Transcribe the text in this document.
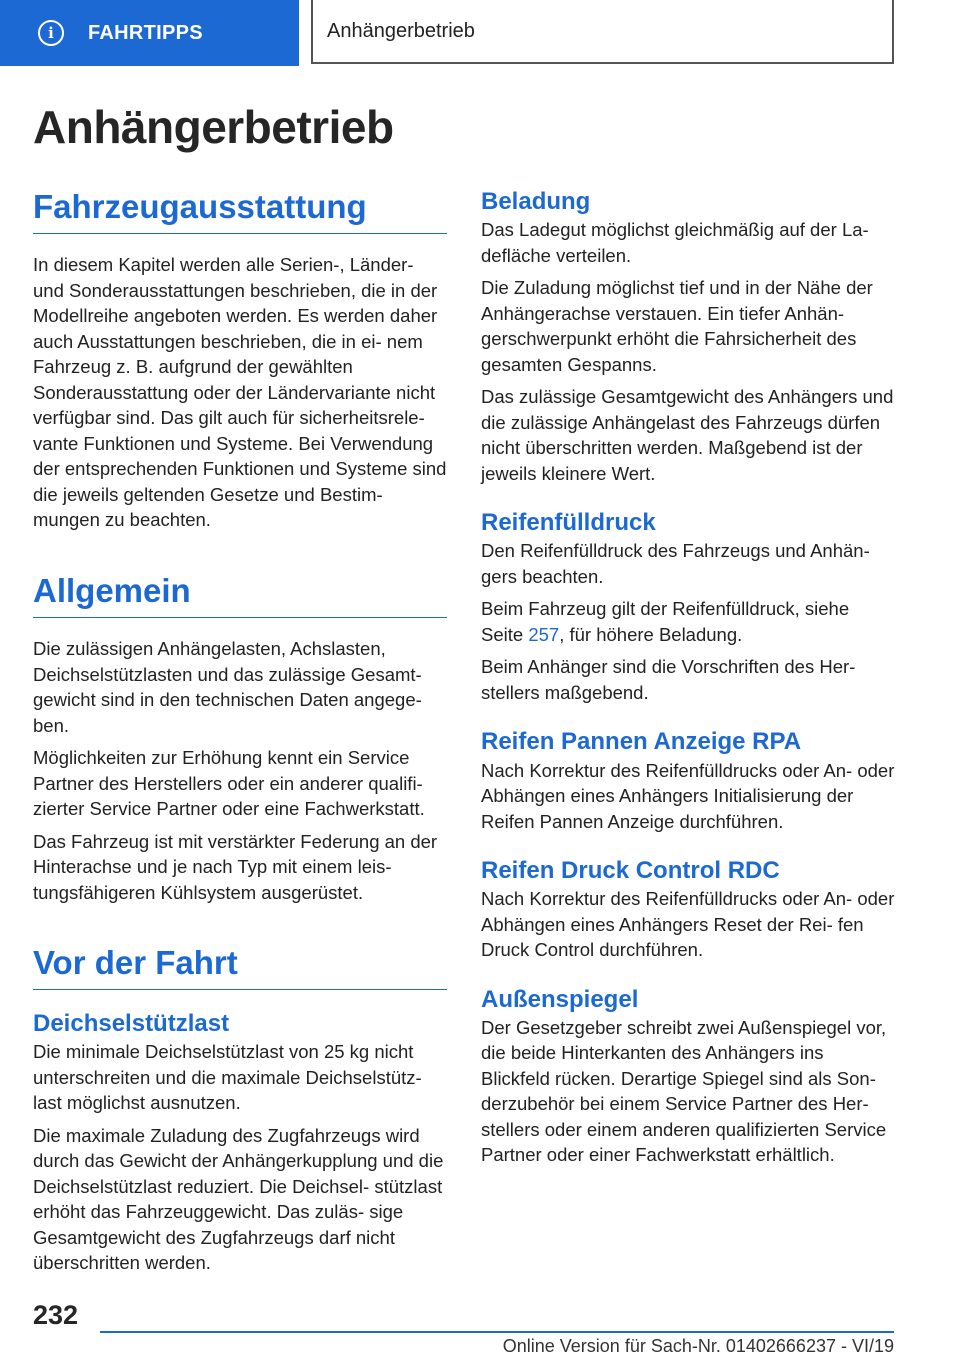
i	FAHRTIPPS	Anhängerbetrieb
Anhängerbetrieb
Fahrzeugausstattung

In diesem Kapitel werden alle Serien-, Länder- und Sonderausstattungen beschrieben, die in der Modellreihe angeboten werden. Es werden daher auch Ausstattungen beschrieben, die in ei- nem Fahrzeug z. B. aufgrund der gewählten Sonderausstattung oder der Ländervariante nicht verfügbar sind. Das gilt auch für sicherheitsrele- vante Funktionen und Systeme. Bei Verwendung der entsprechenden Funktionen und Systeme sind die jeweils geltenden Gesetze und Bestim- mungen zu beachten.

Allgemein

Die zulässigen Anhängelasten, Achslasten, Deichselstützlasten und das zulässige Gesamt- gewicht sind in den technischen Daten angege- ben.

Möglichkeiten zur Erhöhung kennt ein Service Partner des Herstellers oder ein anderer qualifi- zierter Service Partner oder eine Fachwerkstatt.

Das Fahrzeug ist mit verstärkter Federung an der Hinterachse und je nach Typ mit einem leis- tungsfähigeren Kühlsystem ausgerüstet.

Vor der Fahrt
Deichselstützlast

Die minimale Deichselstützlast von 25 kg nicht unterschreiten und die maximale Deichselstütz- last möglichst ausnutzen.

Die maximale Zuladung des Zugfahrzeugs wird durch das Gewicht der Anhängerkupplung und die Deichselstützlast reduziert. Die Deichsel- stützlast erhöht das Fahrzeuggewicht. Das zuläs- sige Gesamtgewicht des Zugfahrzeugs darf nicht überschritten werden.

Beladung

Das Ladegut möglichst gleichmäßig auf der La- defläche verteilen.

Die Zuladung möglichst tief und in der Nähe der Anhängerachse verstauen. Ein tiefer Anhän- gerschwerpunkt erhöht die Fahrsicherheit des gesamten Gespanns.

Das zulässige Gesamtgewicht des Anhängers und die zulässige Anhängelast des Fahrzeugs dürfen nicht überschritten werden. Maßgebend ist der jeweils kleinere Wert.

Reifenfülldruck

Den Reifenfülldruck des Fahrzeugs und Anhän- gers beachten.

Beim Fahrzeug gilt der Reifenfülldruck, siehe Seite 257, für höhere Beladung.

Beim Anhänger sind die Vorschriften des Her- stellers maßgebend.

Reifen Pannen Anzeige RPA

Nach Korrektur des Reifenfülldrucks oder An- oder Abhängen eines Anhängers Initialisierung der Reifen Pannen Anzeige durchführen.

Reifen Druck Control RDC

Nach Korrektur des Reifenfülldrucks oder An- oder Abhängen eines Anhängers Reset der Rei- fen Druck Control durchführen.

Außenspiegel

Der Gesetzgeber schreibt zwei Außenspiegel vor, die beide Hinterkanten des Anhängers ins Blickfeld rücken. Derartige Spiegel sind als Son- derzubehör bei einem Service Partner des Her- stellers oder einem anderen qualifizierten Service Partner oder einer Fachwerkstatt erhältlich.

232
Online Version für Sach-Nr. 01402666237 - VI/19
